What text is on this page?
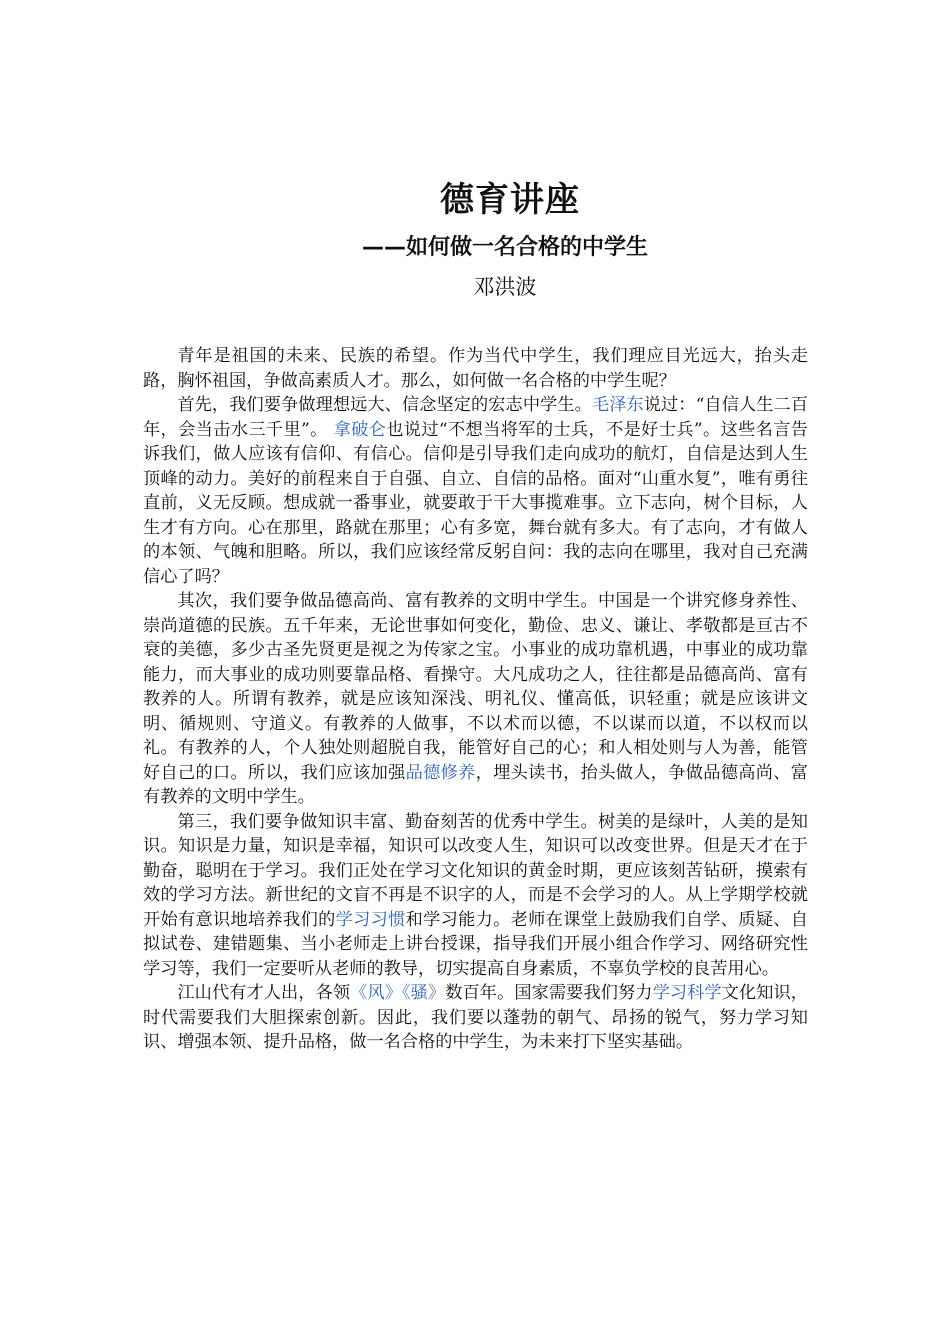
德育讲座
——如何做一名合格的中学生
邓洪波

青年是祖国的未来、民族的希望。作为当代中学生，我们理应目光远大，抬头走路，胸怀祖国，争做高素质人才。那么，如何做一名合格的中学生呢？

首先，我们要争做理想远大、信念坚定的宏志中学生。毛泽东说过：“自信人生二百年，会当击水三千里”。 拿破仑也说过“不想当将军的士兵，不是好士兵”。这些名言告诉我们，做人应该有信仰、有信心。信仰是引导我们走向成功的航灯，自信是达到人生顶峰的动力。美好的前程来自于自强、自立、自信的品格。面对“山重水复”，唯有勇往直前，义无反顾。想成就一番事业，就要敢于干大事揽难事。立下志向，树个目标，人生才有方向。心在那里，路就在那里；心有多宽，舞台就有多大。有了志向，才有做人的本领、气魄和胆略。所以，我们应该经常反躬自问：我的志向在哪里，我对自己充满信心了吗？

其次，我们要争做品德高尚、富有教养的文明中学生。中国是一个讲究修身养性、崇尚道德的民族。五千年来，无论世事如何变化，勤俭、忠义、谦让、孝敬都是亘古不衰的美德，多少古圣先贤更是视之为传家之宝。小事业的成功靠机遇，中事业的成功靠能力，而大事业的成功则要靠品格、看操守。大凡成功之人，往往都是品德高尚、富有教养的人。所谓有教养，就是应该知深浅、明礼仪、懂高低，识轻重；就是应该讲文明、循规则、守道义。有教养的人做事，不以术而以德，不以谋而以道，不以权而以礼。有教养的人，个人独处则超脱自我，能管好自己的心；和人相处则与人为善，能管好自己的口。所以，我们应该加强品德修养，埋头读书，抬头做人，争做品德高尚、富有教养的文明中学生。

第三，我们要争做知识丰富、勤奋刻苦的优秀中学生。树美的是绿叶，人美的是知识。知识是力量，知识是幸福，知识可以改变人生，知识可以改变世界。但是天才在于勤奋，聪明在于学习。我们正处在学习文化知识的黄金时期，更应该刻苦钻研，摸索有效的学习方法。新世纪的文盲不再是不识字的人，而是不会学习的人。从上学期学校就开始有意识地培养我们的学习习惯和学习能力。老师在课堂上鼓励我们自学、质疑、自拟试卷、建错题集、当小老师走上讲台授课，指导我们开展小组合作学习、网络研究性学习等，我们一定要听从老师的教导，切实提高自身素质，不辜负学校的良苦用心。

江山代有才人出，各领《风》《骚》数百年。国家需要我们努力学习科学文化知识，时代需要我们大胆探索创新。因此，我们要以蓬勃的朝气、昂扬的锐气，努力学习知识、增强本领、提升品格，做一名合格的中学生，为未来打下坚实基础。
